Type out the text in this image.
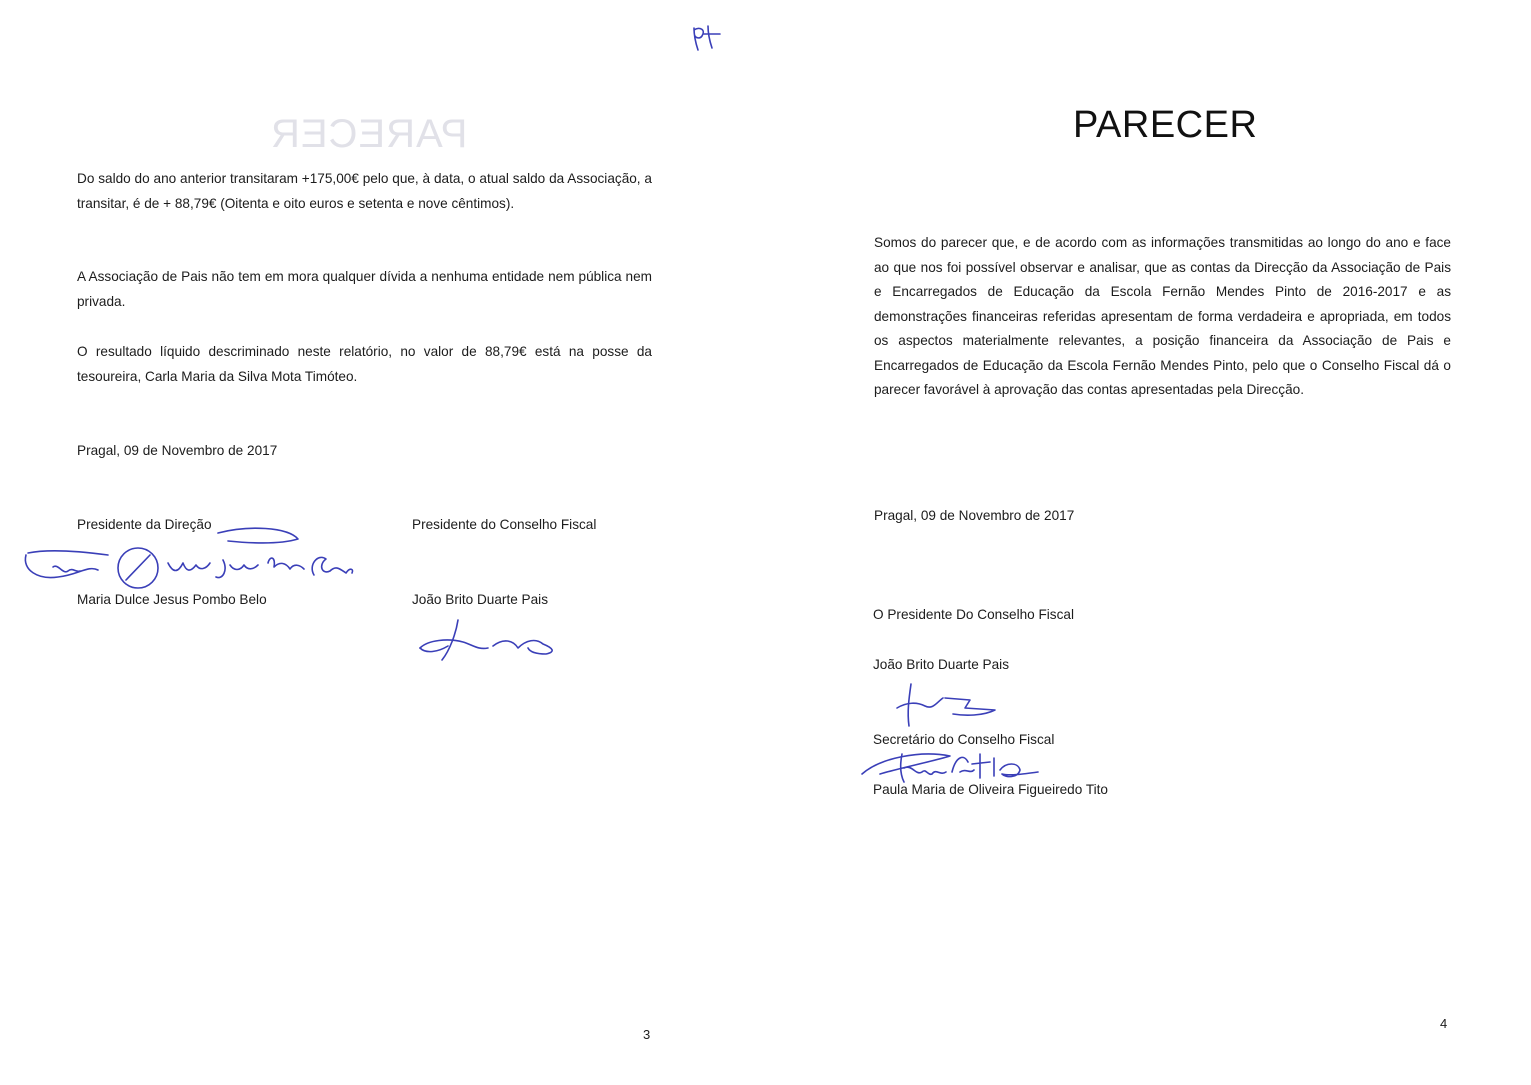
PARECER

Do saldo do ano anterior transitaram +175,00€ pelo que, à data, o atual saldo da Associação, a transitar, é de + 88,79€ (Oitenta e oito euros e setenta e nove cêntimos).

A Associação de Pais não tem em mora qualquer dívida a nenhuma entidade nem pública nem privada.

O resultado líquido descriminado neste relatório, no valor de 88,79€ está na posse da tesoureira, Carla Maria da Silva Mota Timóteo.

Pragal, 09 de Novembro de 2017

Presidente da Direção	Presidente do Conselho Fiscal

Maria Dulce Jesus Pombo Belo	João Brito Duarte Pais

3
PARECER

Somos do parecer que, e de acordo com as informações transmitidas ao longo do ano e face ao que nos foi possível observar e analisar, que as contas da Direcção da Associação de Pais e Encarregados de Educação da Escola Fernão Mendes Pinto de 2016-2017 e as demonstrações financeiras referidas apresentam de forma verdadeira e apropriada, em todos os aspectos materialmente relevantes, a posição financeira da Associação de Pais e Encarregados de Educação da Escola Fernão Mendes Pinto, pelo que o Conselho Fiscal dá o parecer favorável à aprovação das contas apresentadas pela Direcção.

Pragal, 09 de Novembro de 2017

O Presidente Do Conselho Fiscal

João Brito Duarte Pais

Secretário do Conselho Fiscal

Paula Maria de Oliveira Figueiredo Tito

4
